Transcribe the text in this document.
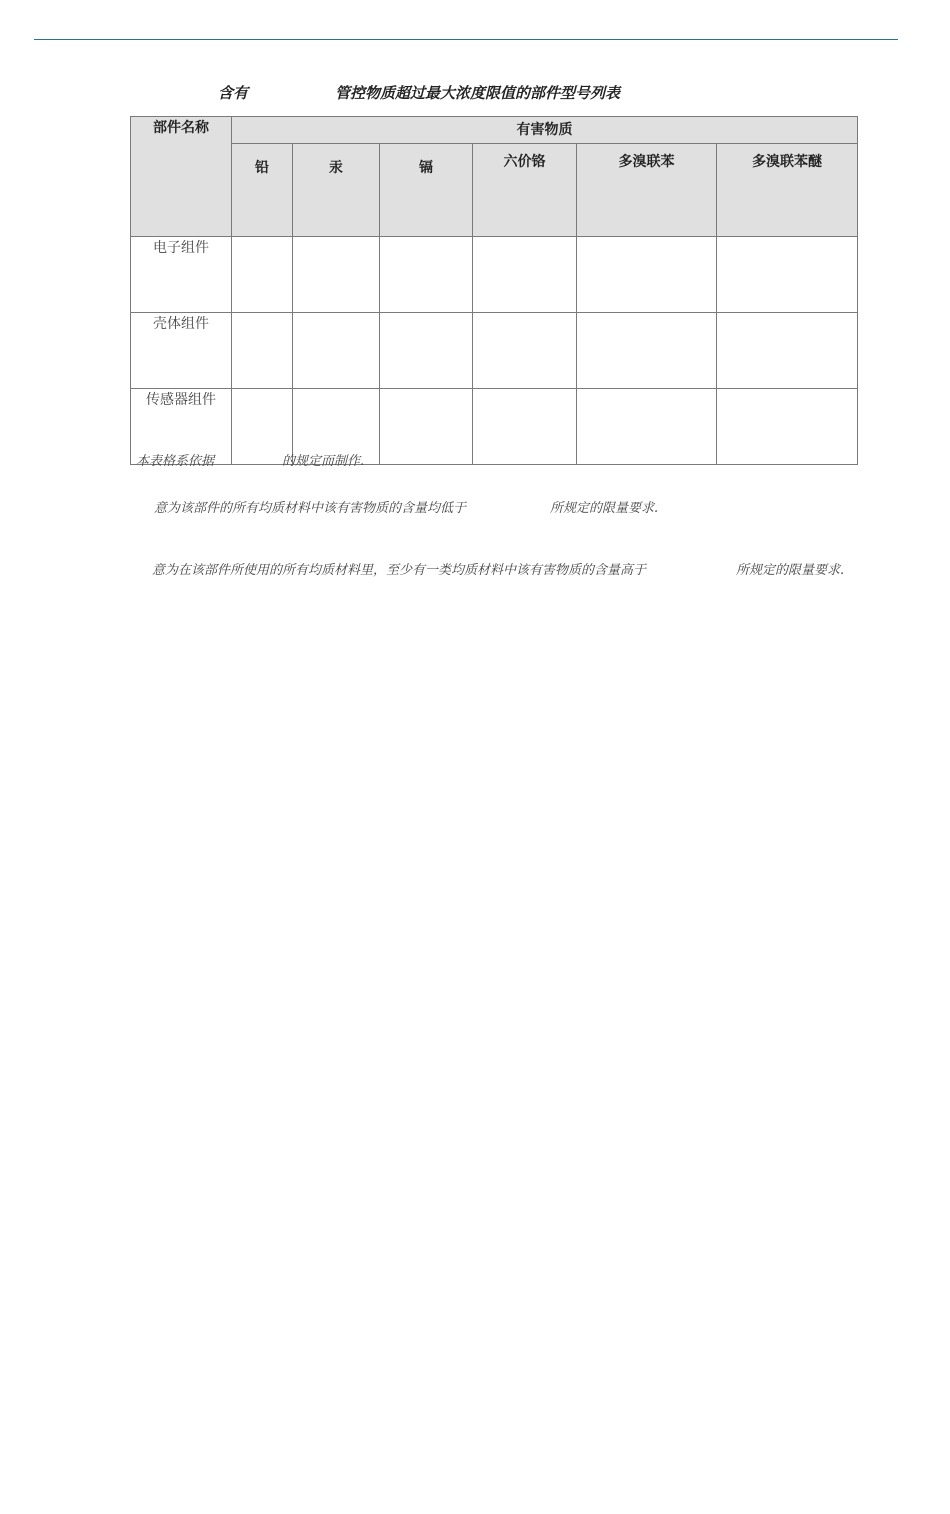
含有	管控物质超过最大浓度限值的部件型号列表
部件名称	有害物质					
	铅	汞	镉	六价铬	多溴联苯	多溴联苯醚
电子组件						
壳体组件						
传感器组件						
本表格系依据	的规定而制作.
意为该部件的所有均质材料中该有害物质的含量均低于	所规定的限量要求.
意为在该部件所使用的所有均质材料里，至少有一类均质材料中该有害物质的含量高于	所规定的限量要求.
